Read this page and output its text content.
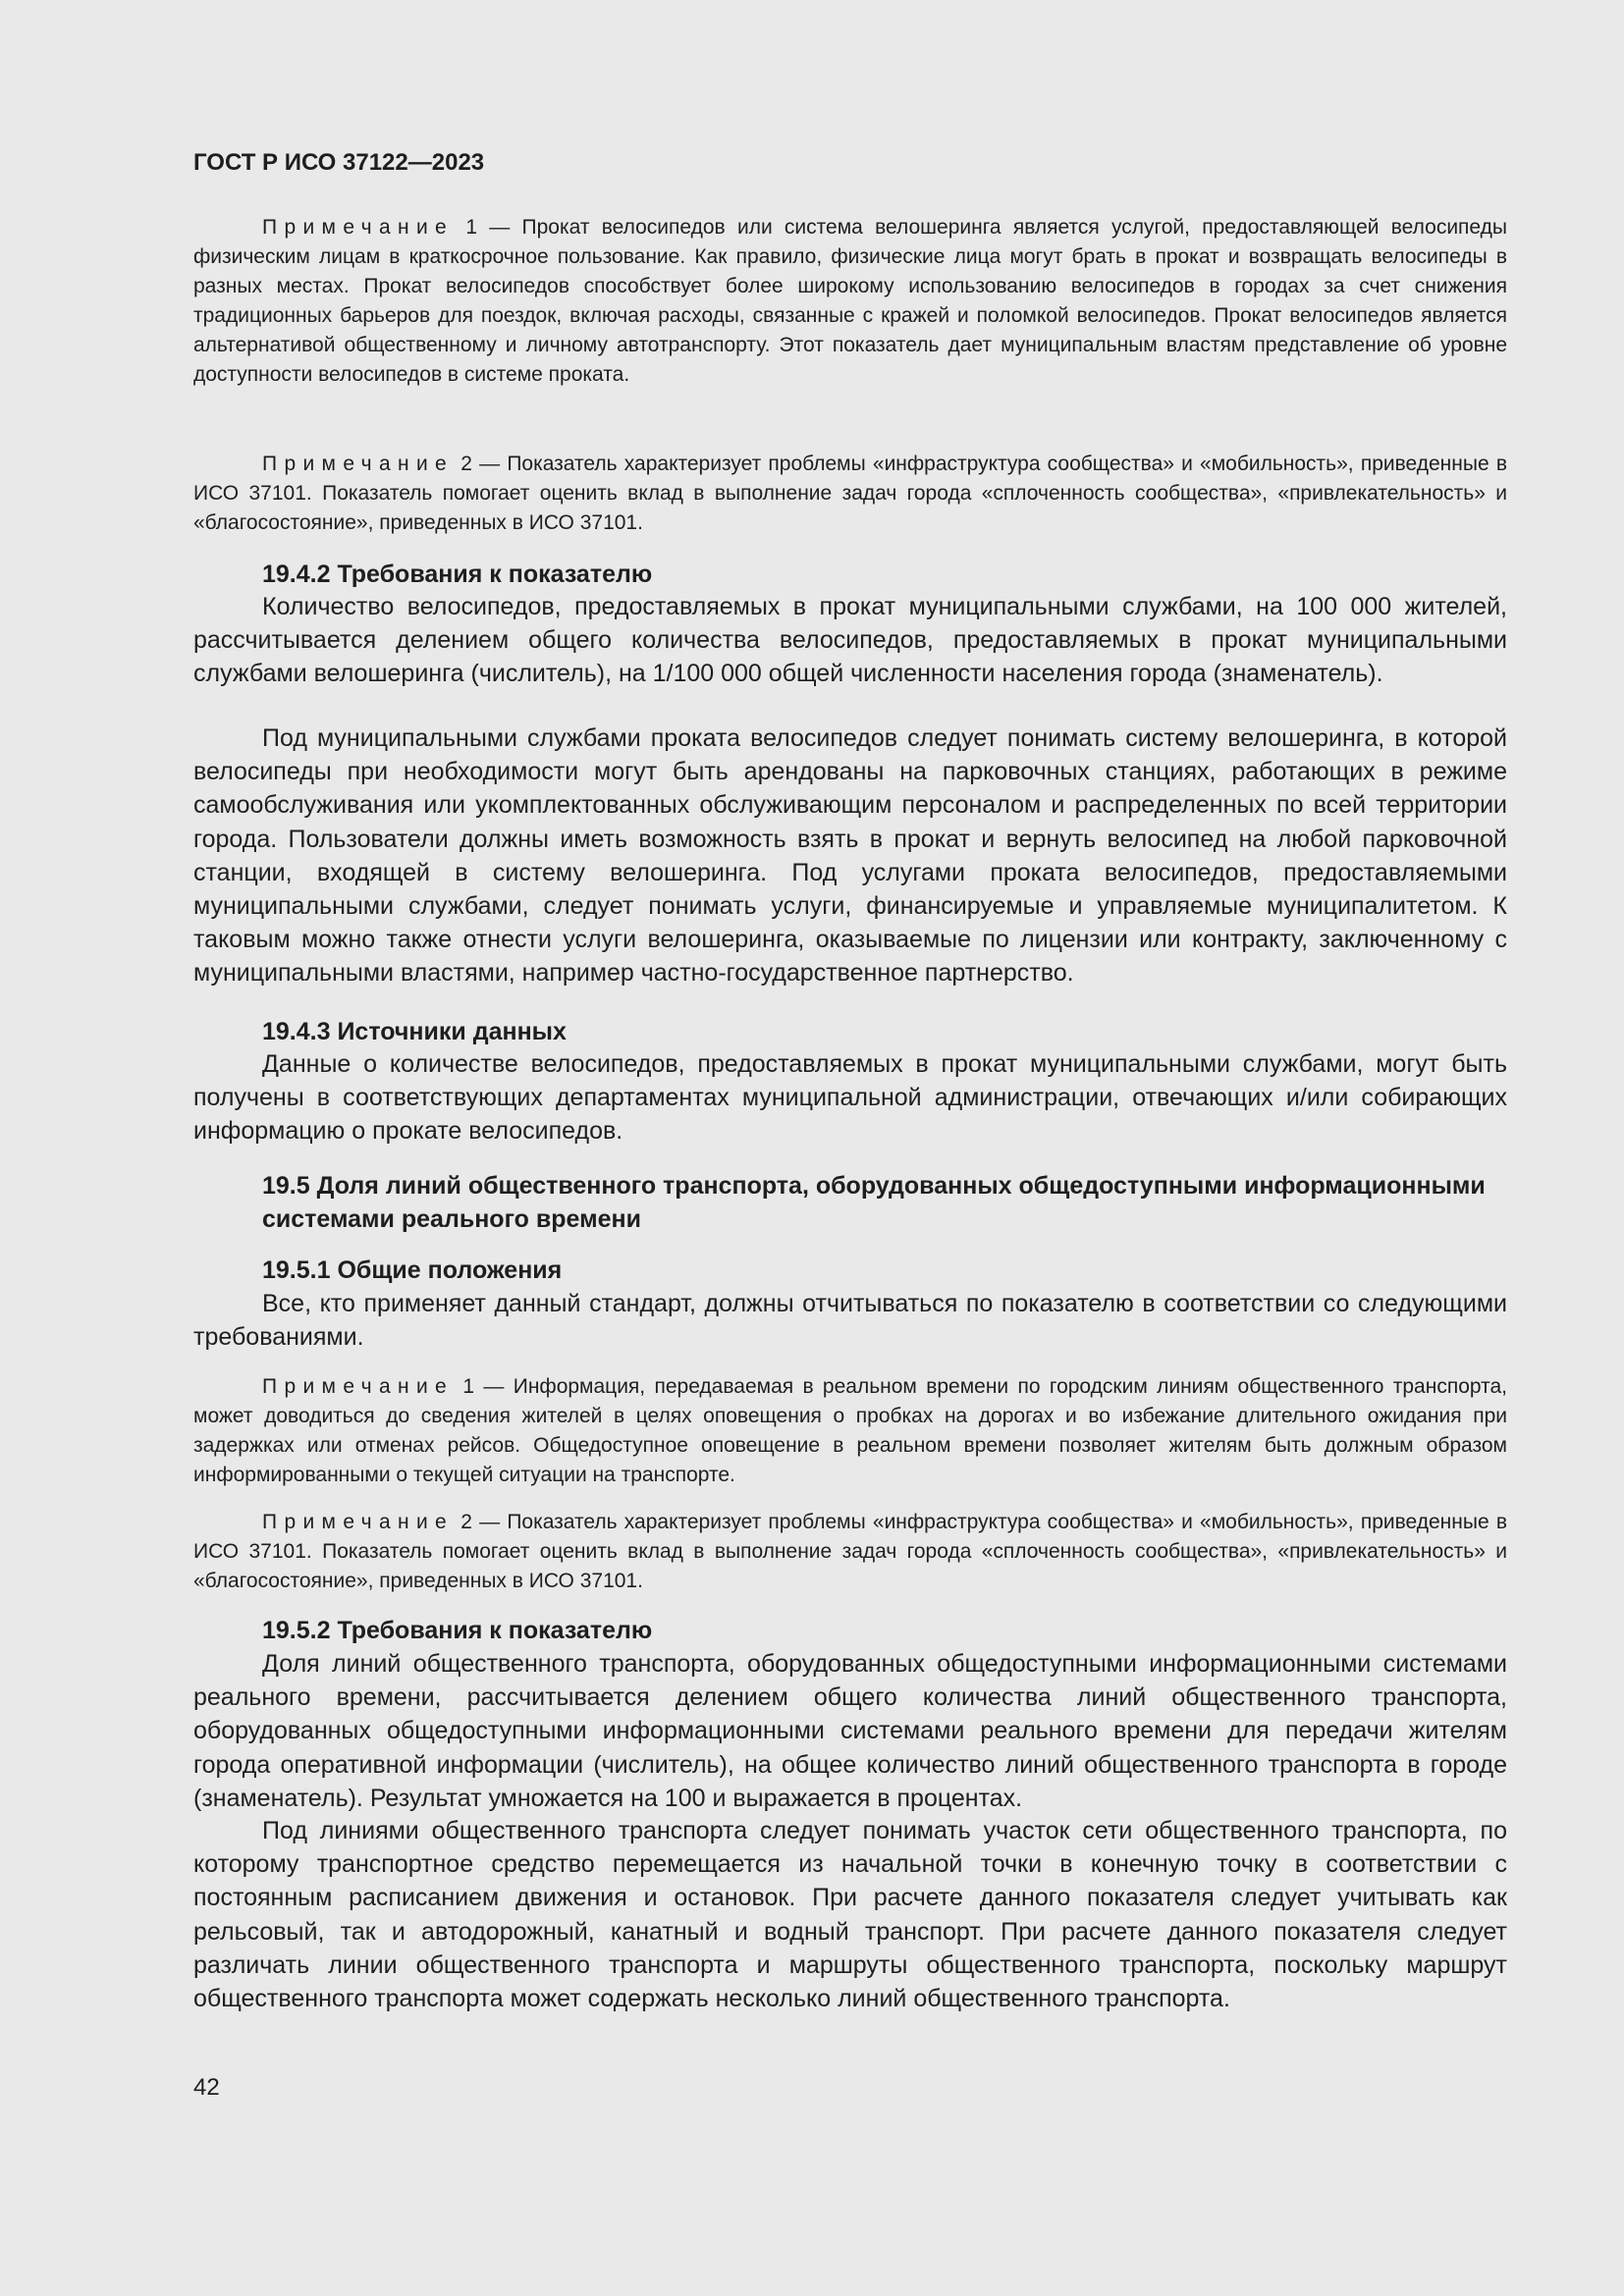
ГОСТ Р ИСО 37122—2023

Примечание 1 — Прокат велосипедов или система велошеринга является услугой, предоставляющей велосипеды физическим лицам в краткосрочное пользование. Как правило, физические лица могут брать в прокат и возвращать велосипеды в разных местах. Прокат велосипедов способствует более широкому использованию велосипедов в городах за счет снижения традиционных барьеров для поездок, включая расходы, связанные с кражей и поломкой велосипедов. Прокат велосипедов является альтернативой общественному и личному автотранспорту. Этот показатель дает муниципальным властям представление об уровне доступности велосипедов в системе проката.

Примечание 2 — Показатель характеризует проблемы «инфраструктура сообщества» и «мобильность», приведенные в ИСО 37101. Показатель помогает оценить вклад в выполнение задач города «сплоченность сообщества», «привлекательность» и «благосостояние», приведенных в ИСО 37101.

19.4.2 Требования к показателю

Количество велосипедов, предоставляемых в прокат муниципальными службами, на 100 000 жителей, рассчитывается делением общего количества велосипедов, предоставляемых в прокат муниципальными службами велошеринга (числитель), на 1/100 000 общей численности населения города (знаменатель).

Под муниципальными службами проката велосипедов следует понимать систему велошеринга, в которой велосипеды при необходимости могут быть арендованы на парковочных станциях, работающих в режиме самообслуживания или укомплектованных обслуживающим персоналом и распределенных по всей территории города. Пользователи должны иметь возможность взять в прокат и вернуть велосипед на любой парковочной станции, входящей в систему велошеринга. Под услугами проката велосипедов, предоставляемыми муниципальными службами, следует понимать услуги, финансируемые и управляемые муниципалитетом. К таковым можно также отнести услуги велошеринга, оказываемые по лицензии или контракту, заключенному с муниципальными властями, например частно-государственное партнерство.

19.4.3 Источники данных

Данные о количестве велосипедов, предоставляемых в прокат муниципальными службами, могут быть получены в соответствующих департаментах муниципальной администрации, отвечающих и/или собирающих информацию о прокате велосипедов.

19.5 Доля линий общественного транспорта, оборудованных общедоступными информационными системами реального времени
19.5.1 Общие положения

Все, кто применяет данный стандарт, должны отчитываться по показателю в соответствии со следующими требованиями.

Примечание 1 — Информация, передаваемая в реальном времени по городским линиям общественного транспорта, может доводиться до сведения жителей в целях оповещения о пробках на дорогах и во избежание длительного ожидания при задержках или отменах рейсов. Общедоступное оповещение в реальном времени позволяет жителям быть должным образом информированными о текущей ситуации на транспорте.

Примечание 2 — Показатель характеризует проблемы «инфраструктура сообщества» и «мобильность», приведенные в ИСО 37101. Показатель помогает оценить вклад в выполнение задач города «сплоченность сообщества», «привлекательность» и «благосостояние», приведенных в ИСО 37101.

19.5.2 Требования к показателю

Доля линий общественного транспорта, оборудованных общедоступными информационными системами реального времени, рассчитывается делением общего количества линий общественного транспорта, оборудованных общедоступными информационными системами реального времени для передачи жителям города оперативной информации (числитель), на общее количество линий общественного транспорта в городе (знаменатель). Результат умножается на 100 и выражается в процентах.

Под линиями общественного транспорта следует понимать участок сети общественного транспорта, по которому транспортное средство перемещается из начальной точки в конечную точку в соответствии с постоянным расписанием движения и остановок. При расчете данного показателя следует учитывать как рельсовый, так и автодорожный, канатный и водный транспорт. При расчете данного показателя следует различать линии общественного транспорта и маршруты общественного транспорта, поскольку маршрут общественного транспорта может содержать несколько линий общественного транспорта.

42
